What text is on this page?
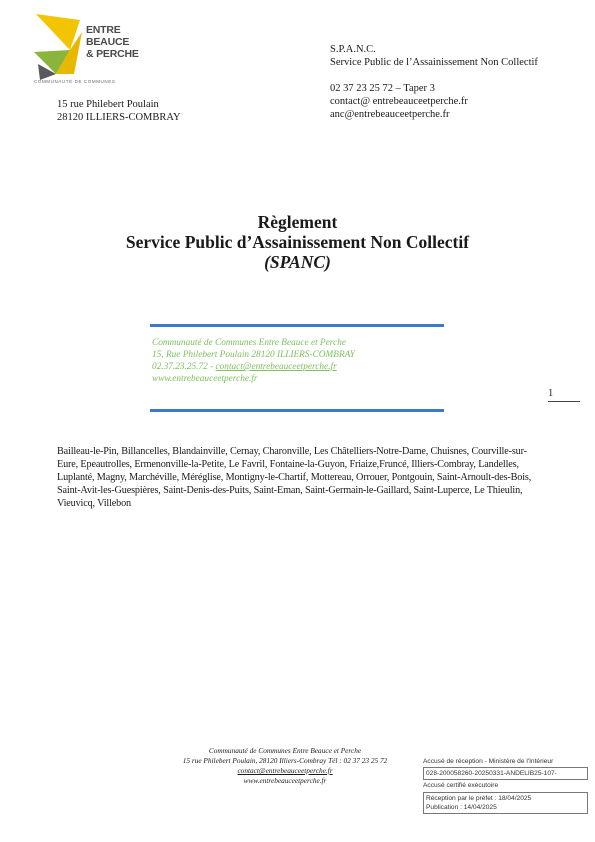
ENTRE
BEAUCE
& PERCHE
COMMUNAUTÉ DE COMMUNES
15 rue Philebert Poulain
28120 ILLIERS-COMBRAY
S.P.A.N.C.
Service Public de l’Assainissement Non Collectif
02 37 23 25 72 – Taper 3
contact@ entrebeauceetperche.fr
anc@entrebeauceetperche.fr
Règlement
Service Public d’Assainissement Non Collectif
(SPANC)
Communauté de Communes Entre Beauce et Perche
15, Rue Philebert Poulain 28120 ILLIERS-COMBRAY
02.37.23.25.72 - contact@entrebeauceetperche.fr
www.entrebeauceetperche.fr
1
Bailleau-le-Pin, Billancelles, Blandainville, Cernay, Charonville, Les Châtelliers-Notre-Dame, Chuisnes, Courville-sur-Eure, Epeautrolles, Ermenonville-la-Petite, Le Favril, Fontaine-la-Guyon, Friaize,Fruncé, Illiers-Combray, Landelles, Luplanté, Magny, Marchéville, Méréglise, Montigny-le-Chartif, Mottereau, Orrouer, Pontgouin, Saint-Arnoult-des-Bois, Saint-Avit-les-Guespières, Saint-Denis-des-Puits, Saint-Eman, Saint-Germain-le-Gaillard, Saint-Luperce, Le Thieulin, Vieuvicq, Villebon
Communauté de Communes Entre Beauce et Perche
15 rue Philebert Poulain, 28120 Illiers-Combray Tél : 02 37 23 25 72
contact@entrebeauceetperche.fr
www.entrebeauceetperche.fr
Accusé de réception - Ministère de l'Intérieur
028-200058260-20250331-ANDELIB25-107-
Accusé certifié exécutoire
Réception par le préfet : 18/04/2025
Publication : 14/04/2025
